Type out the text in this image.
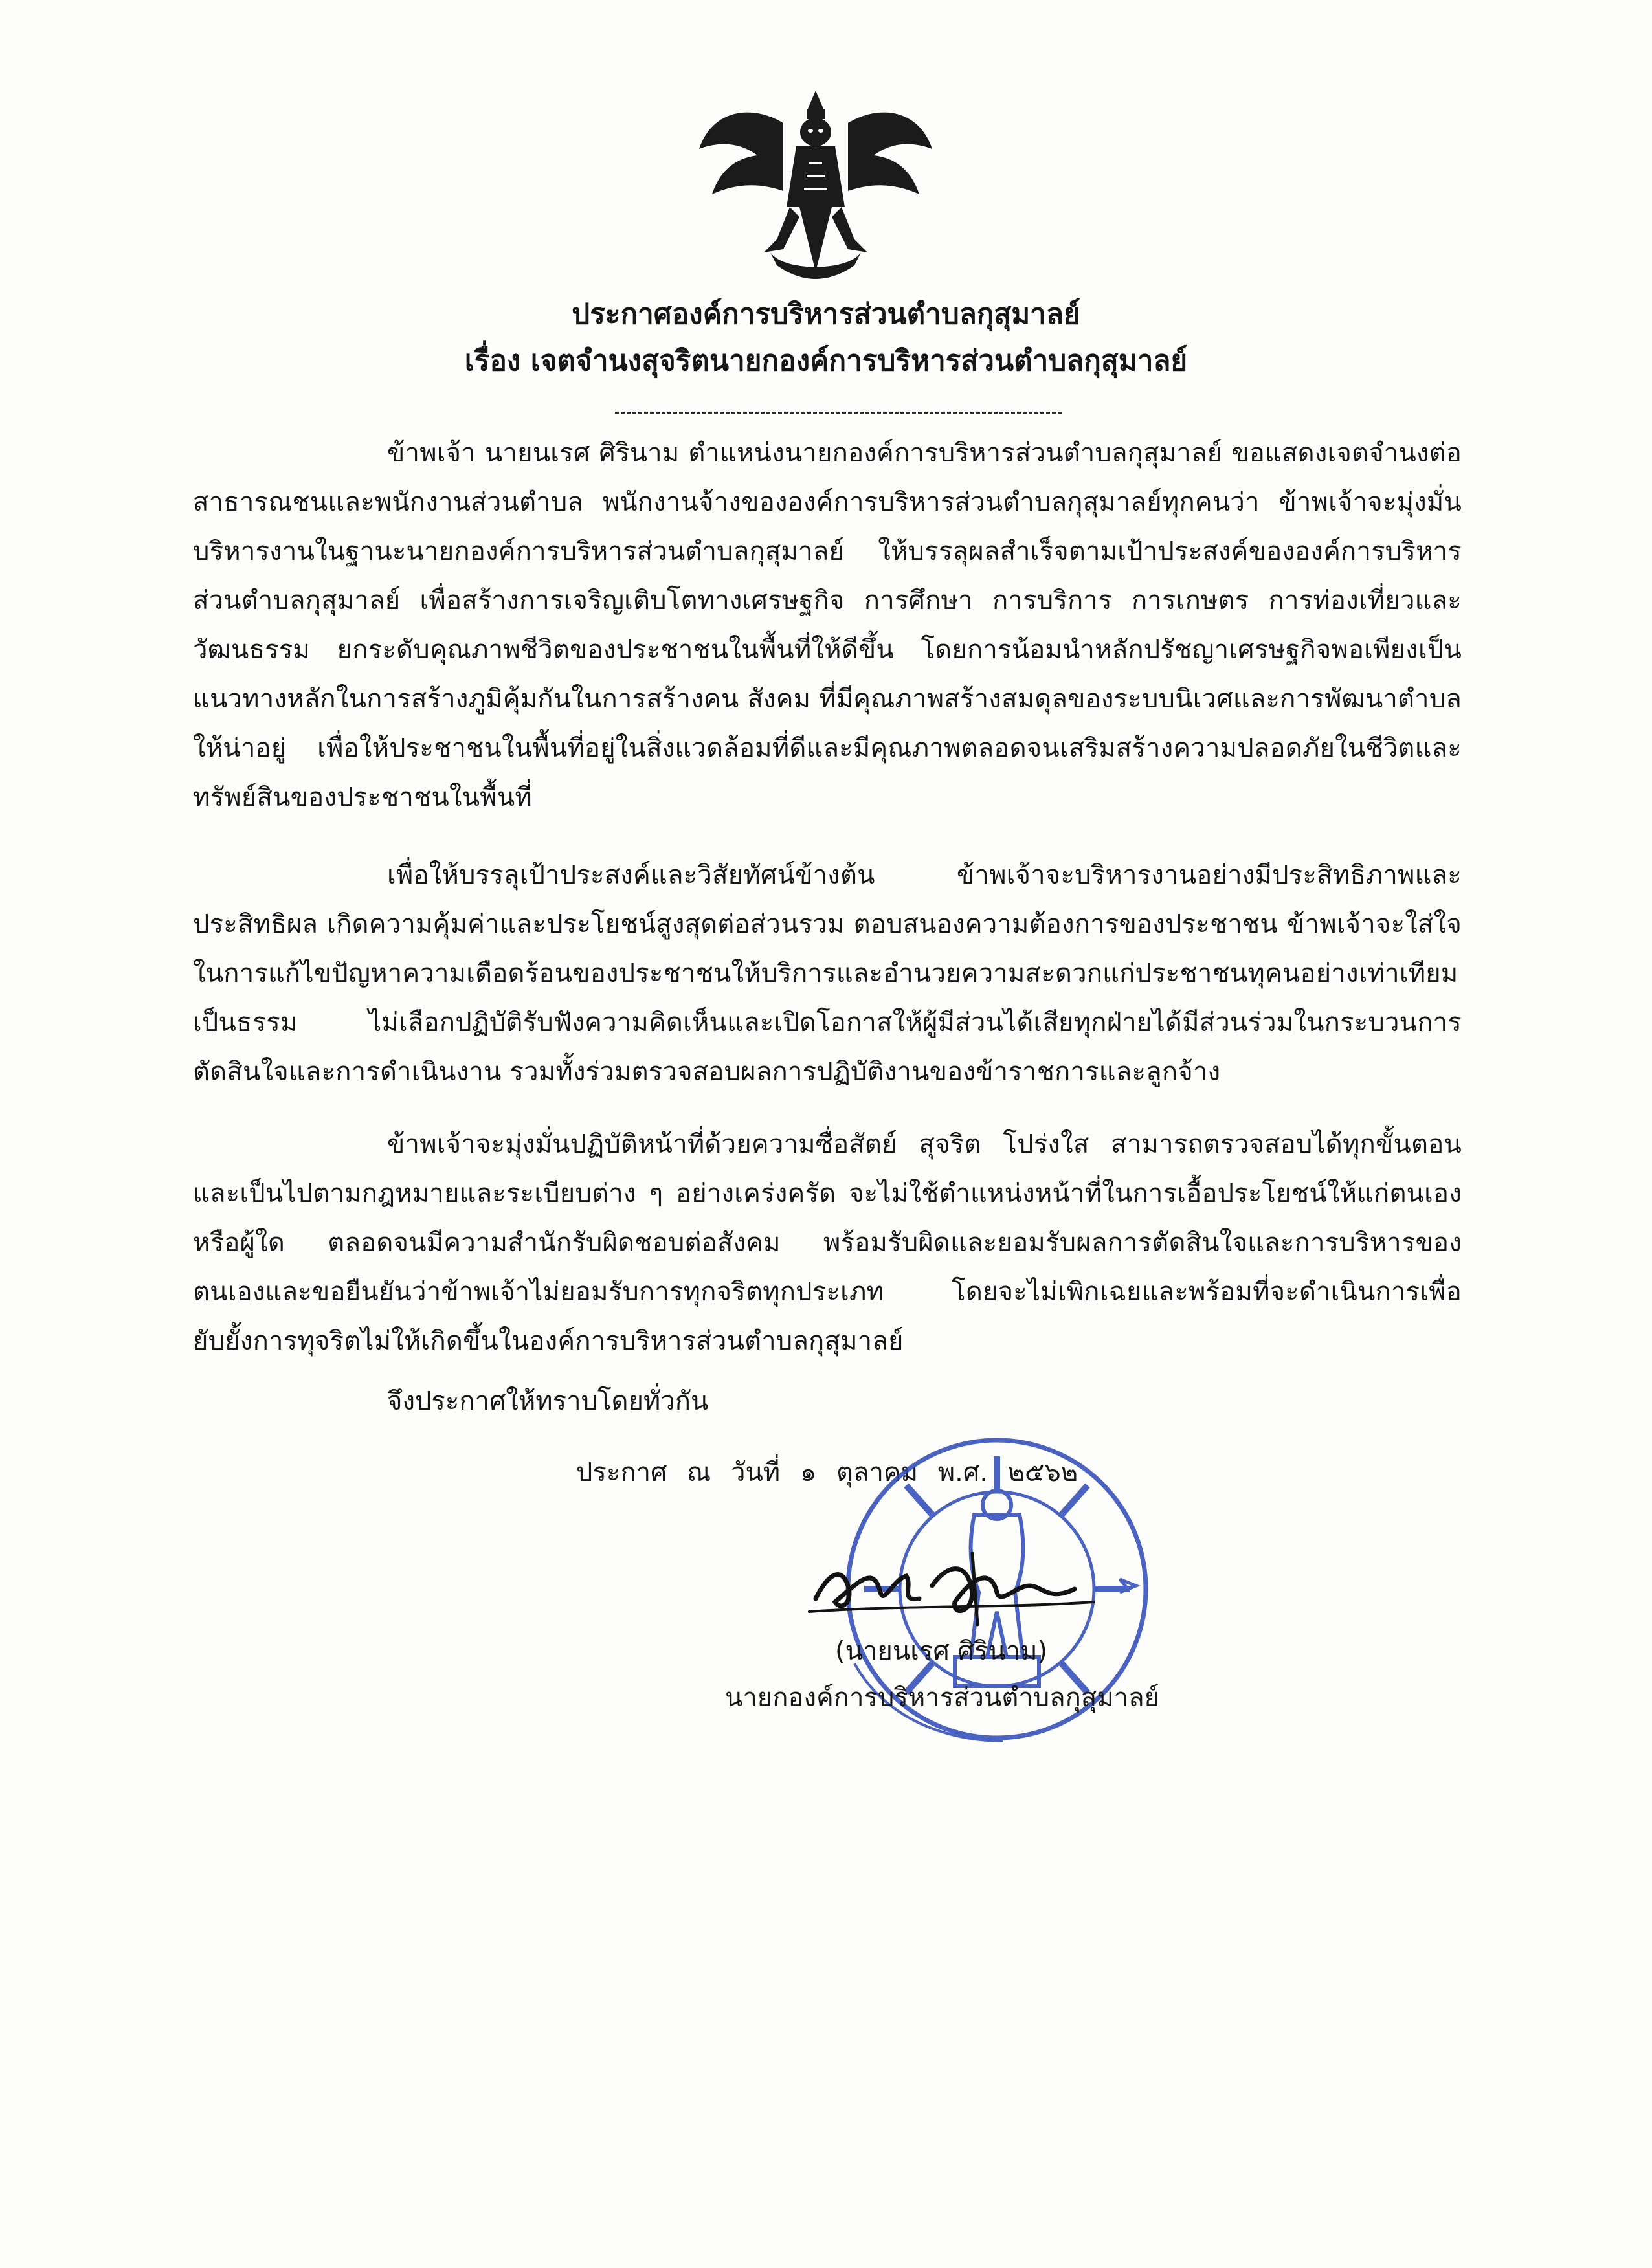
ประกาศองค์การบริหารส่วนตำบลกุสุมาลย์
เรื่อง เจตจำนงสุจริตนายกองค์การบริหารส่วนตำบลกุสุมาลย์

ข้าพเจ้า นายนเรศ ศิรินาม ตำแหน่งนายกองค์การบริหารส่วนตำบลกุสุมาลย์ ขอแสดงเจตจำนงต่อสาธารณชนและพนักงานส่วนตำบล พนักงานจ้างขององค์การบริหารส่วนตำบลกุสุมาลย์ทุกคนว่า ข้าพเจ้าจะมุ่งมั่นบริหารงานในฐานะนายกองค์การบริหารส่วนตำบลกุสุมาลย์ ให้บรรลุผลสำเร็จตามเป้าประสงค์ขององค์การบริหารส่วนตำบลกุสุมาลย์ เพื่อสร้างการเจริญเติบโตทางเศรษฐกิจ การศึกษา การบริการ การเกษตร การท่องเที่ยวและวัฒนธรรม ยกระดับคุณภาพชีวิตของประชาชนในพื้นที่ให้ดีขึ้น โดยการน้อมนำหลักปรัชญาเศรษฐกิจพอเพียงเป็นแนวทางหลักในการสร้างภูมิคุ้มกันในการสร้างคน สังคม ที่มีคุณภาพสร้างสมดุลของระบบนิเวศและการพัฒนาตำบลให้น่าอยู่ เพื่อให้ประชาชนในพื้นที่อยู่ในสิ่งแวดล้อมที่ดีและมีคุณภาพตลอดจนเสริมสร้างความปลอดภัยในชีวิตและทรัพย์สินของประชาชนในพื้นที่

เพื่อให้บรรลุเป้าประสงค์และวิสัยทัศน์ข้างต้น ข้าพเจ้าจะบริหารงานอย่างมีประสิทธิภาพและประสิทธิผล เกิดความคุ้มค่าและประโยชน์สูงสุดต่อส่วนรวม ตอบสนองความต้องการของประชาชน ข้าพเจ้าจะใส่ใจในการแก้ไขปัญหาความเดือดร้อนของประชาชนให้บริการและอำนวยความสะดวกแก่ประชาชนทุคนอย่างเท่าเทียม เป็นธรรม ไม่เลือกปฏิบัติรับฟังความคิดเห็นและเปิดโอกาสให้ผู้มีส่วนได้เสียทุกฝ่ายได้มีส่วนร่วมในกระบวนการตัดสินใจและการดำเนินงาน รวมทั้งร่วมตรวจสอบผลการปฏิบัติงานของข้าราชการและลูกจ้าง

ข้าพเจ้าจะมุ่งมั่นปฏิบัติหน้าที่ด้วยความซื่อสัตย์ สุจริต โปร่งใส สามารถตรวจสอบได้ทุกขั้นตอนและเป็นไปตามกฎหมายและระเบียบต่าง ๆ อย่างเคร่งครัด จะไม่ใช้ตำแหน่งหน้าที่ในการเอื้อประโยชน์ให้แก่ตนเองหรือผู้ใด ตลอดจนมีความสำนักรับผิดชอบต่อสังคม พร้อมรับผิดและยอมรับผลการตัดสินใจและการบริหารของตนเองและขอยืนยันว่าข้าพเจ้าไม่ยอมรับการทุกจริตทุกประเภท โดยจะไม่เพิกเฉยและพร้อมที่จะดำเนินการเพื่อยับยั้งการทุจริตไม่ให้เกิดขึ้นในองค์การบริหารส่วนตำบลกุสุมาลย์

จึงประกาศให้ทราบโดยทั่วกัน

ประกาศ ณ วันที่ ๑ ตุลาคม พ.ศ. ๒๕๖๒

(นายนเรศ ศิรินาม)

นายกองค์การบริหารส่วนตำบลกุสุมาลย์
